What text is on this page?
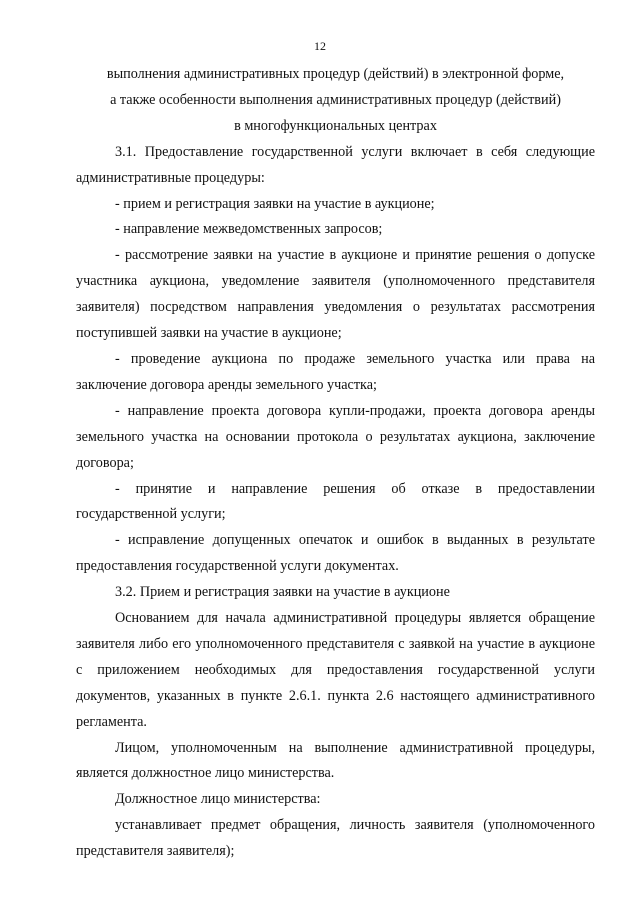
12

выполнения административных процедур (действий) в электронной форме,

а также особенности выполнения административных процедур (действий)

в многофункциональных центрах

3.1. Предоставление государственной услуги включает в себя следующие административные процедуры:

- прием и регистрация заявки на участие в аукционе;

- направление межведомственных запросов;

- рассмотрение заявки на участие в аукционе и принятие решения о допуске участника аукциона, уведомление заявителя (уполномоченного представителя заявителя) посредством направления уведомления о результатах рассмотрения поступившей заявки на участие в аукционе;

- проведение аукциона по продаже земельного участка или права на заключение договора аренды земельного участка;

- направление проекта договора купли-продажи, проекта договора аренды земельного участка на основании протокола о результатах аукциона, заключение договора;

- принятие и направление решения об отказе в предоставлении государственной услуги;

- исправление допущенных опечаток и ошибок в выданных в результате предоставления государственной услуги документах.

3.2. Прием и регистрация заявки на участие в аукционе

Основанием для начала административной процедуры является обращение заявителя либо его уполномоченного представителя с заявкой на участие в аукционе с приложением необходимых для предоставления государственной услуги документов, указанных в пункте 2.6.1. пункта 2.6 настоящего административного регламента.

Лицом, уполномоченным на выполнение административной процедуры, является должностное лицо министерства.

Должностное лицо министерства:

устанавливает предмет обращения, личность заявителя (уполномоченного представителя заявителя);
